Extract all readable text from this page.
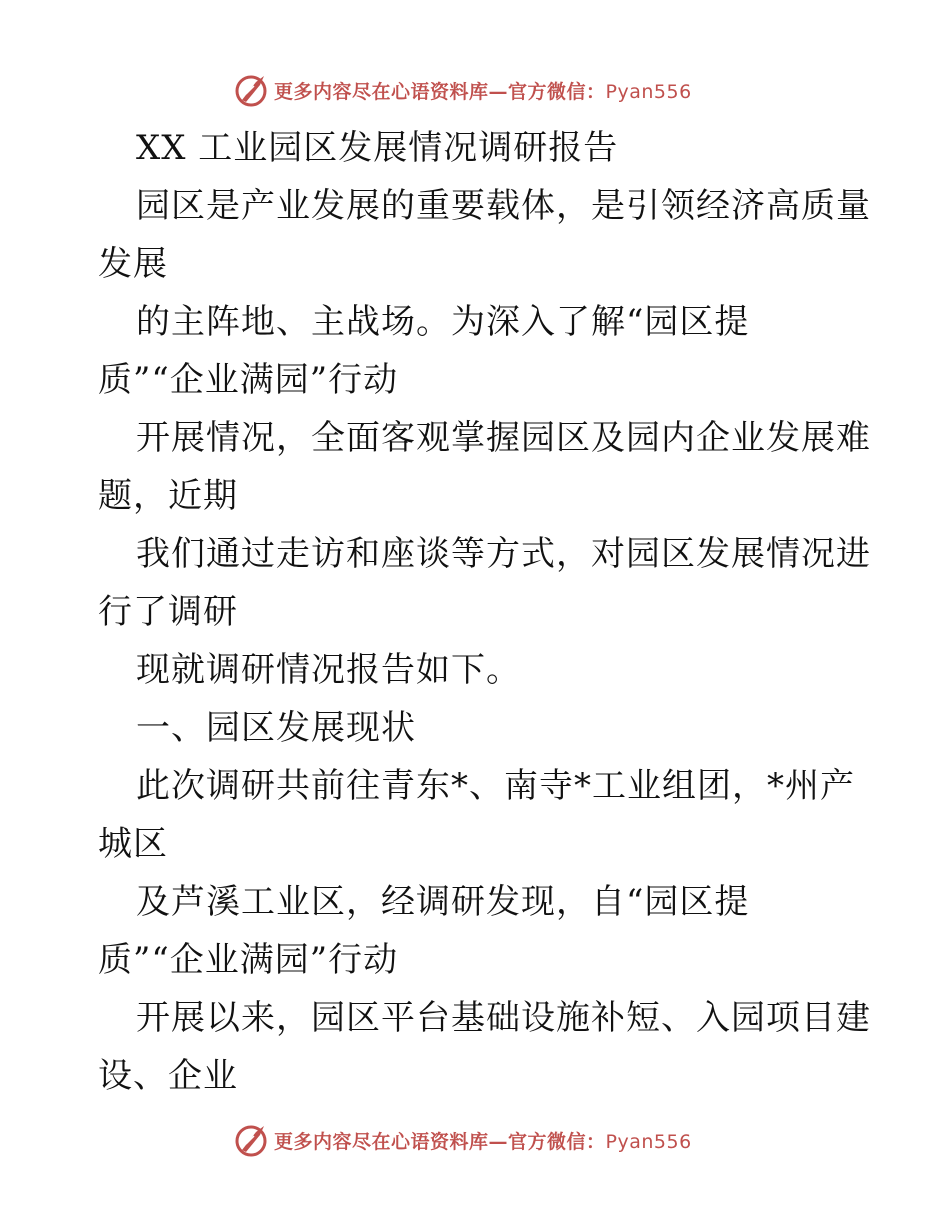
更多内容尽在心语资料库—官方微信：Pyan556
XX 工业园区发展情况调研报告
园区是产业发展的重要载体，是引领经济高质量
发展
的主阵地、主战场。为深入了解“园区提
质”“企业满园”行动
开展情况，全面客观掌握园区及园内企业发展难
题，近期
我们通过走访和座谈等方式，对园区发展情况进
行了调研
现就调研情况报告如下。
一、园区发展现状
此次调研共前往青东*、南寺*工业组团，*州产
城区
及芦溪工业区，经调研发现，自“园区提
质”“企业满园”行动
开展以来，园区平台基础设施补短、入园项目建
设、企业
更多内容尽在心语资料库—官方微信：Pyan556
